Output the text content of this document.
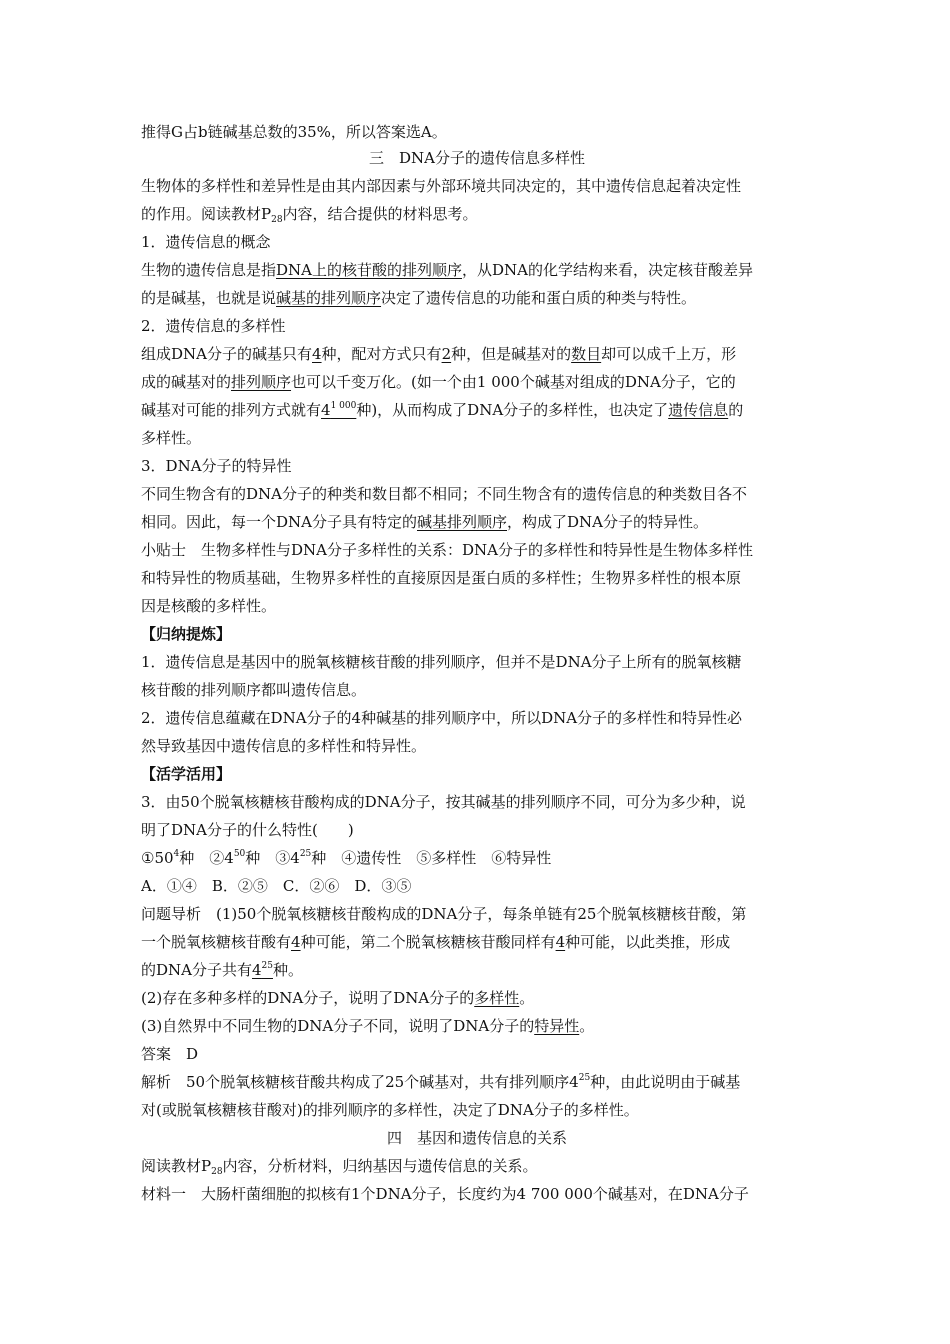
推得G占b链碱基总数的35%，所以答案选A。
三　DNA分子的遗传信息多样性
生物体的多样性和差异性是由其内部因素与外部环境共同决定的，其中遗传信息起着决定性
的作用。阅读教材$P_{28}$内容，结合提供的材料思考。
1．遗传信息的概念
生物的遗传信息是指DNA上的核苷酸的排列顺序，从DNA的化学结构来看，决定核苷酸差异
的是碱基，也就是说碱基的排列顺序决定了遗传信息的功能和蛋白质的种类与特性。
2．遗传信息的多样性
组成DNA分子的碱基只有4种，配对方式只有2种，但是碱基对的数目却可以成千上万，形
成的碱基对的排列顺序也可以千变万化。(如一个由1 000个碱基对组成的DNA分子，它的
碱基对可能的排列方式就有$4^{1 000}$种)，从而构成了DNA分子的多样性，也决定了遗传信息的
多样性。
3．DNA分子的特异性
不同生物含有的DNA分子的种类和数目都不相同；不同生物含有的遗传信息的种类数目各不
相同。因此，每一个DNA分子具有特定的碱基排列顺序，构成了DNA分子的特异性。
小贴士　生物多样性与DNA分子多样性的关系：DNA分子的多样性和特异性是生物体多样性
和特异性的物质基础，生物界多样性的直接原因是蛋白质的多样性；生物界多样性的根本原
因是核酸的多样性。
【归纳提炼】
1．遗传信息是基因中的脱氧核糖核苷酸的排列顺序，但并不是DNA分子上所有的脱氧核糖
核苷酸的排列顺序都叫遗传信息。
2．遗传信息蕴藏在DNA分子的4种碱基的排列顺序中，所以DNA分子的多样性和特异性必
然导致基因中遗传信息的多样性和特异性。
【活学活用】
3．由50个脱氧核糖核苷酸构成的DNA分子，按其碱基的排列顺序不同，可分为多少种，说
明了DNA分子的什么特性(　　)
$①50^4$种　$②4^{50}$种　$③4^{25}$种　④遗传性　⑤多样性　⑥特异性
A．①④　B．②⑤　C．②⑥　D．③⑤
问题导析　(1)50个脱氧核糖核苷酸构成的DNA分子，每条单链有25个脱氧核糖核苷酸，第
一个脱氧核糖核苷酸有4种可能，第二个脱氧核糖核苷酸同样有4种可能，以此类推，形成
的DNA分子共有$4^{25}$种。
(2)存在多种多样的DNA分子，说明了DNA分子的多样性。
(3)自然界中不同生物的DNA分子不同，说明了DNA分子的特异性。
答案　D
解析　50个脱氧核糖核苷酸共构成了25个碱基对，共有排列顺序$4^{25}$种，由此说明由于碱基
对(或脱氧核糖核苷酸对)的排列顺序的多样性，决定了DNA分子的多样性。
四　基因和遗传信息的关系
阅读教材$P_{28}$内容，分析材料，归纳基因与遗传信息的关系。
材料一　大肠杆菌细胞的拟核有1个DNA分子，长度约为4 700 000个碱基对，在DNA分子
